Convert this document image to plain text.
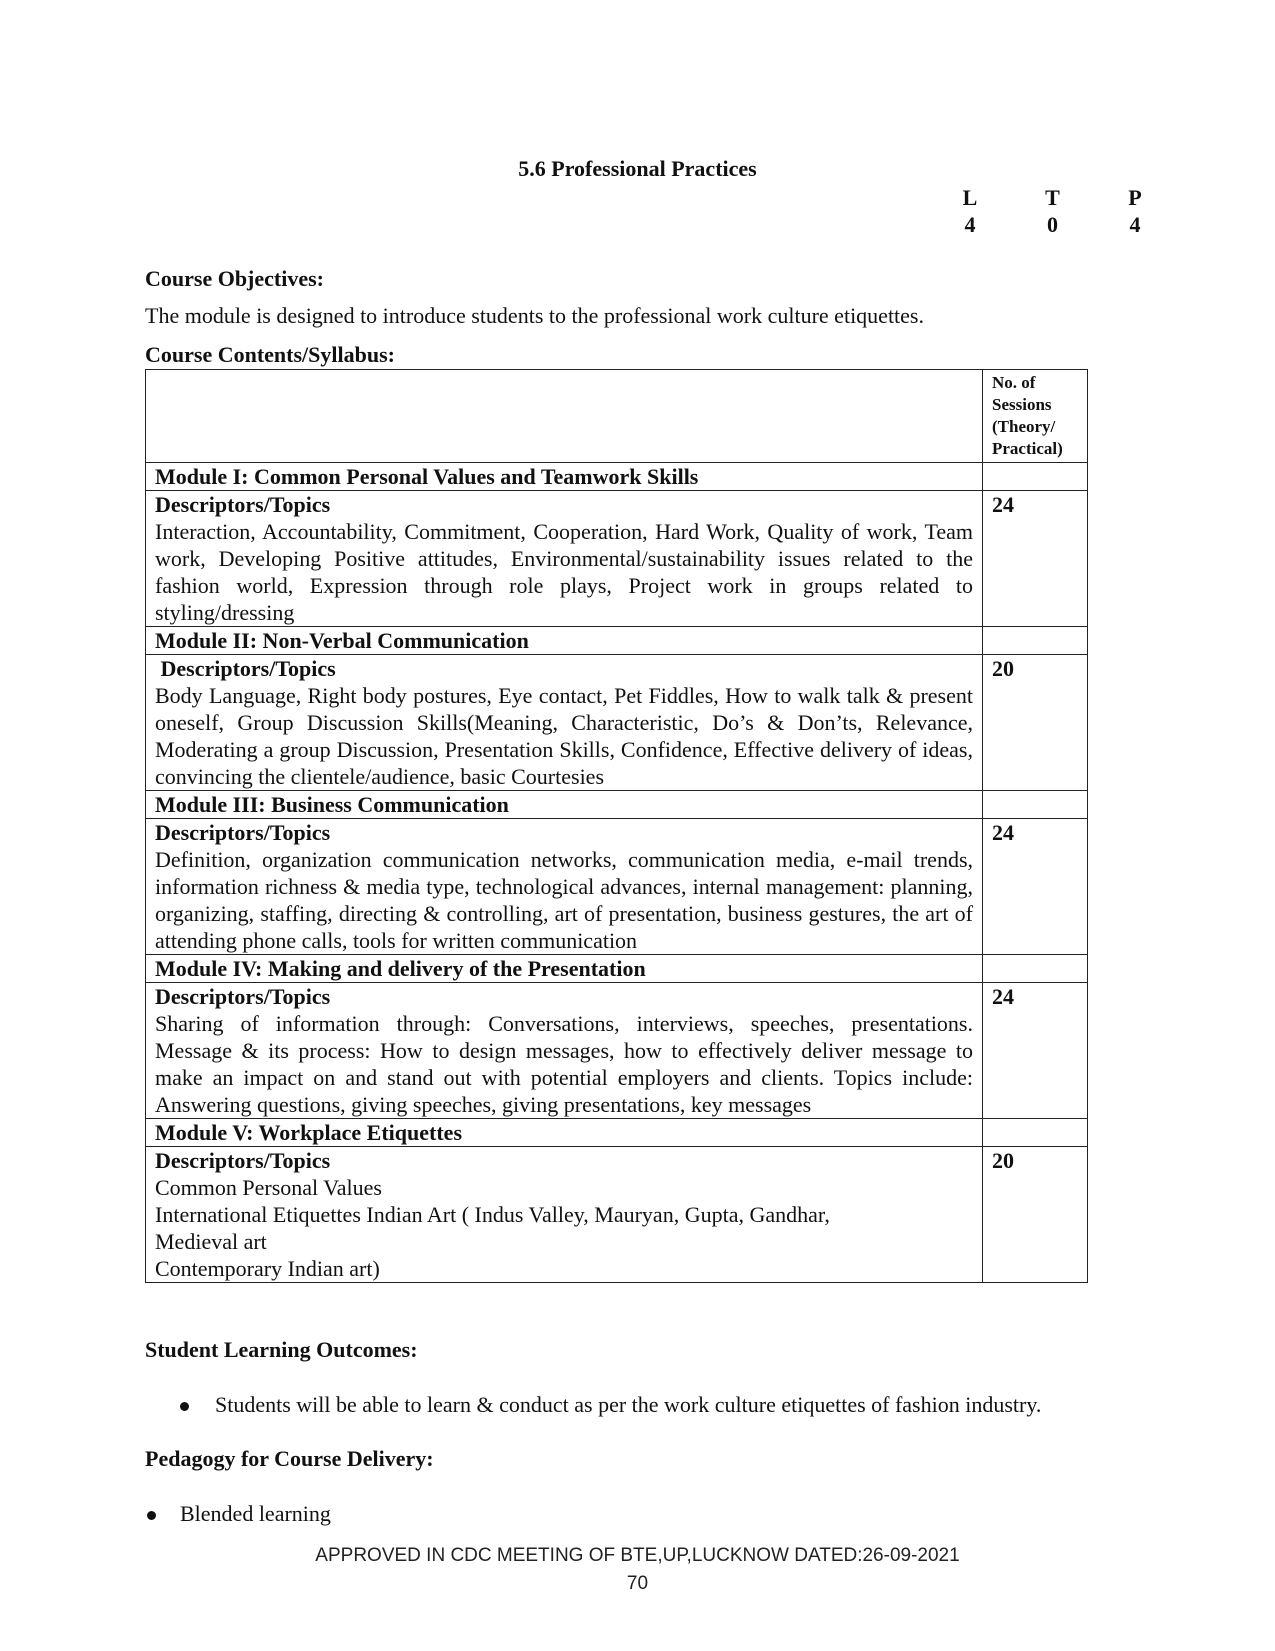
5.6 Professional Practices
L	T	P
4	0	4
Course Objectives:
The module is designed to introduce students to the professional work culture etiquettes.
Course Contents/Syllabus:

	No. of
Sessions
(Theory/
Practical)

Module I: Common Personal Values and Teamwork Skills	

Descriptors/Topics
Interaction, Accountability, Commitment, Cooperation, Hard Work, Quality of work, Team work, Developing Positive attitudes, Environmental/sustainability issues related to the fashion world, Expression through role plays, Project work in groups related to styling/dressing	24
Module II: Non-Verbal Communication	

Descriptors/Topics
Body Language, Right body postures, Eye contact, Pet Fiddles, How to walk talk & present oneself, Group Discussion Skills(Meaning, Characteristic, Do’s & Don’ts, Relevance, Moderating a group Discussion, Presentation Skills, Confidence, Effective delivery of ideas, convincing the clientele/audience, basic Courtesies	20
Module III: Business Communication	

Descriptors/Topics
Definition, organization communication networks, communication media, e-mail trends, information richness & media type, technological advances, internal management: planning, organizing, staffing, directing & controlling, art of presentation, business gestures, the art of attending phone calls, tools for written communication	24
Module IV: Making and delivery of the Presentation	

Descriptors/Topics
Sharing of information through: Conversations, interviews, speeches, presentations. Message & its process: How to design messages, how to effectively deliver message to make an impact on and stand out with potential employers and clients. Topics include: Answering questions, giving speeches, giving presentations, key messages	24
Module V: Workplace Etiquettes	

Descriptors/Topics
Common Personal Values
International Etiquettes Indian Art ( Indus Valley, Mauryan, Gupta, Gandhar,
Medieval art
Contemporary Indian art)	20
Student Learning Outcomes:
Students will be able to learn & conduct as per the work culture etiquettes of fashion industry.
Pedagogy for Course Delivery:
Blended learning
APPROVED IN CDC MEETING OF BTE,UP,LUCKNOW DATED:26-09-2021
70
